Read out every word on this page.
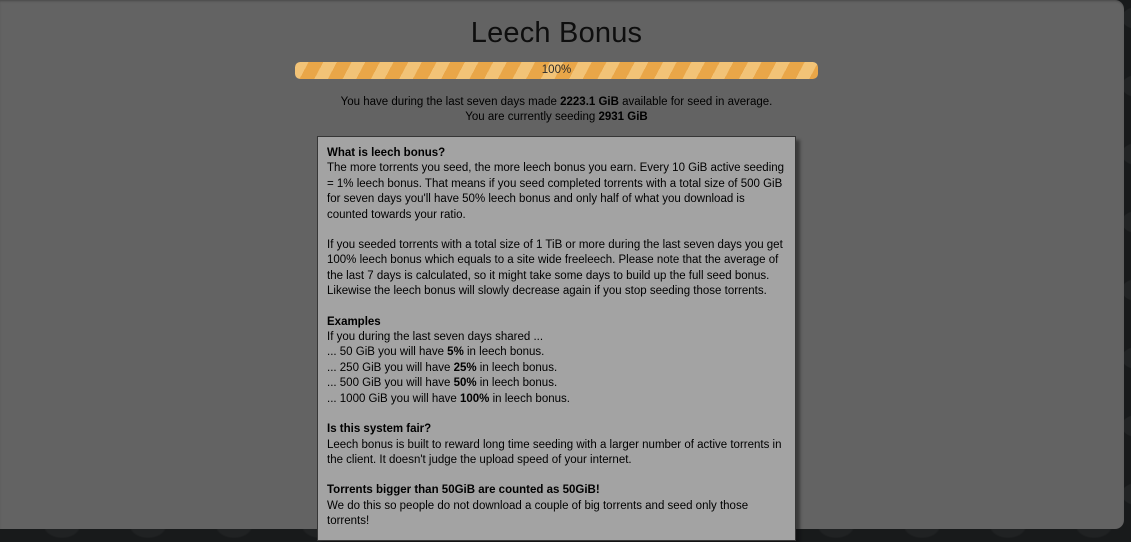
Leech Bonus
100%
You have during the last seven days made 2223.1 GiB available for seed in average.
You are currently seeding 2931 GiB
What is leech bonus?
The more torrents you seed, the more leech bonus you earn. Every 10 GiB active seeding = 1% leech bonus. That means if you seed completed torrents with a total size of 500 GiB for seven days you'll have 50% leech bonus and only half of what you download is counted towards your ratio.
If you seeded torrents with a total size of 1 TiB or more during the last seven days you get 100% leech bonus which equals to a site wide freeleech. Please note that the average of the last 7 days is calculated, so it might take some days to build up the full seed bonus. Likewise the leech bonus will slowly decrease again if you stop seeding those torrents.
Examples
If you during the last seven days shared ...
... 50 GiB you will have 5% in leech bonus.
... 250 GiB you will have 25% in leech bonus.
... 500 GiB you will have 50% in leech bonus.
... 1000 GiB you will have 100% in leech bonus.
Is this system fair?
Leech bonus is built to reward long time seeding with a larger number of active torrents in the client. It doesn't judge the upload speed of your internet.
Torrents bigger than 50GiB are counted as 50GiB!
We do this so people do not download a couple of big torrents and seed only those torrents!
